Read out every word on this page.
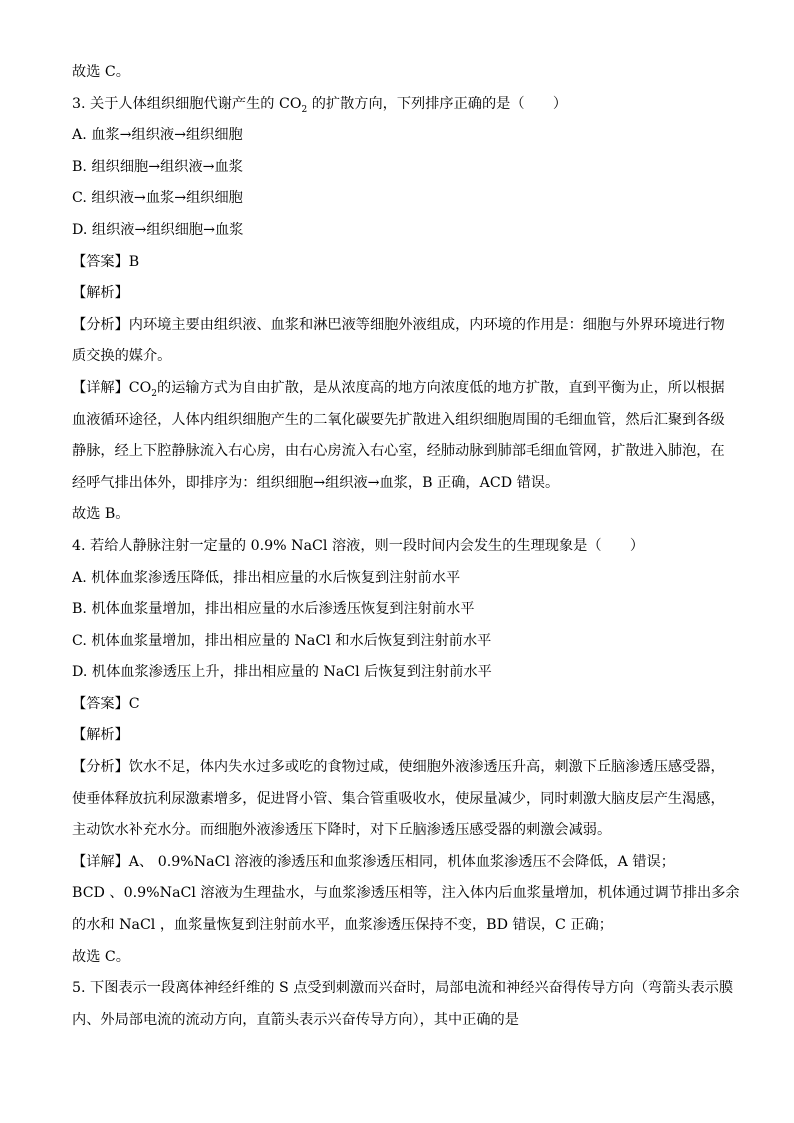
故选 C。
3. 关于人体组织细胞代谢产生的 $CO_2$ 的扩散方向，下列排序正确的是（　　）
A. 血浆→组织液→组织细胞
B. 组织细胞→组织液→血浆
C. 组织液→血浆→组织细胞
D. 组织液→组织细胞→血浆
【答案】B
【解析】
【分析】内环境主要由组织液、血浆和淋巴液等细胞外液组成，内环境的作用是：细胞与外界环境进行物
质交换的媒介。
【详解】$CO_2$的运输方式为自由扩散，是从浓度高的地方向浓度低的地方扩散，直到平衡为止，所以根据
血液循环途径，人体内组织细胞产生的二氧化碳要先扩散进入组织细胞周围的毛细血管，然后汇聚到各级
静脉，经上下腔静脉流入右心房，由右心房流入右心室，经肺动脉到肺部毛细血管网，扩散进入肺泡，在
经呼气排出体外，即排序为：组织细胞→组织液→血浆，B 正确，ACD 错误。
故选 B。
4. 若给人静脉注射一定量的 0.9% NaCl 溶液，则一段时间内会发生的生理现象是（　　）
A. 机体血浆渗透压降低，排出相应量的水后恢复到注射前水平
B. 机体血浆量增加，排出相应量的水后渗透压恢复到注射前水平
C. 机体血浆量增加，排出相应量的 NaCl 和水后恢复到注射前水平
D. 机体血浆渗透压上升，排出相应量的 NaCl 后恢复到注射前水平
【答案】C
【解析】
【分析】饮水不足，体内失水过多或吃的食物过咸，使细胞外液渗透压升高，刺激下丘脑渗透压感受器，
使垂体释放抗利尿激素增多，促进肾小管、集合管重吸收水，使尿量减少，同时刺激大脑皮层产生渴感，
主动饮水补充水分。而细胞外液渗透压下降时，对下丘脑渗透压感受器的刺激会减弱。
【详解】A、 0.9%NaCl 溶液的渗透压和血浆渗透压相同，机体血浆渗透压不会降低，A 错误；
BCD 、0.9%NaCl 溶液为生理盐水，与血浆渗透压相等，注入体内后血浆量增加，机体通过调节排出多余
的水和 NaCl ，血浆量恢复到注射前水平，血浆渗透压保持不变，BD 错误，C 正确；
故选 C。
5. 下图表示一段离体神经纤维的 S 点受到刺激而兴奋时，局部电流和神经兴奋得传导方向（弯箭头表示膜
内、外局部电流的流动方向，直箭头表示兴奋传导方向），其中正确的是
